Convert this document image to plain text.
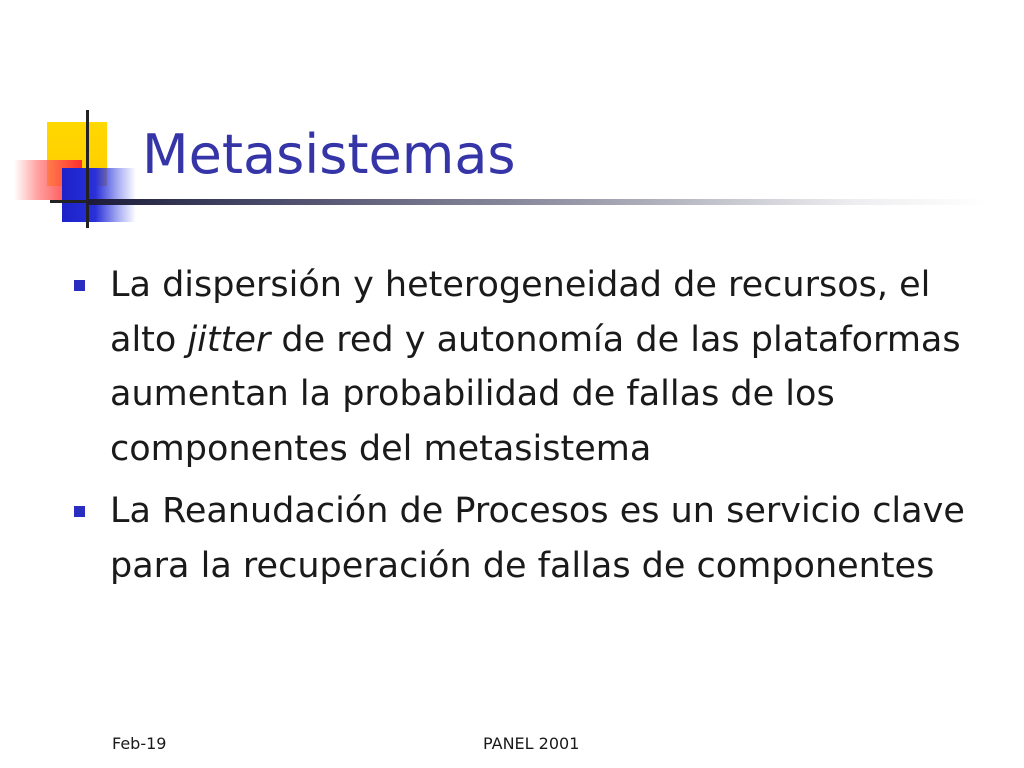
Metasistemas
La dispersión y heterogeneidad de recursos, el alto jitter de red y autonomía de las plataformas aumentan la probabilidad de fallas de los componentes del metasistema
La Reanudación de Procesos es un servicio clave para la recuperación de fallas de componentes
Feb-19	PANEL 2001
